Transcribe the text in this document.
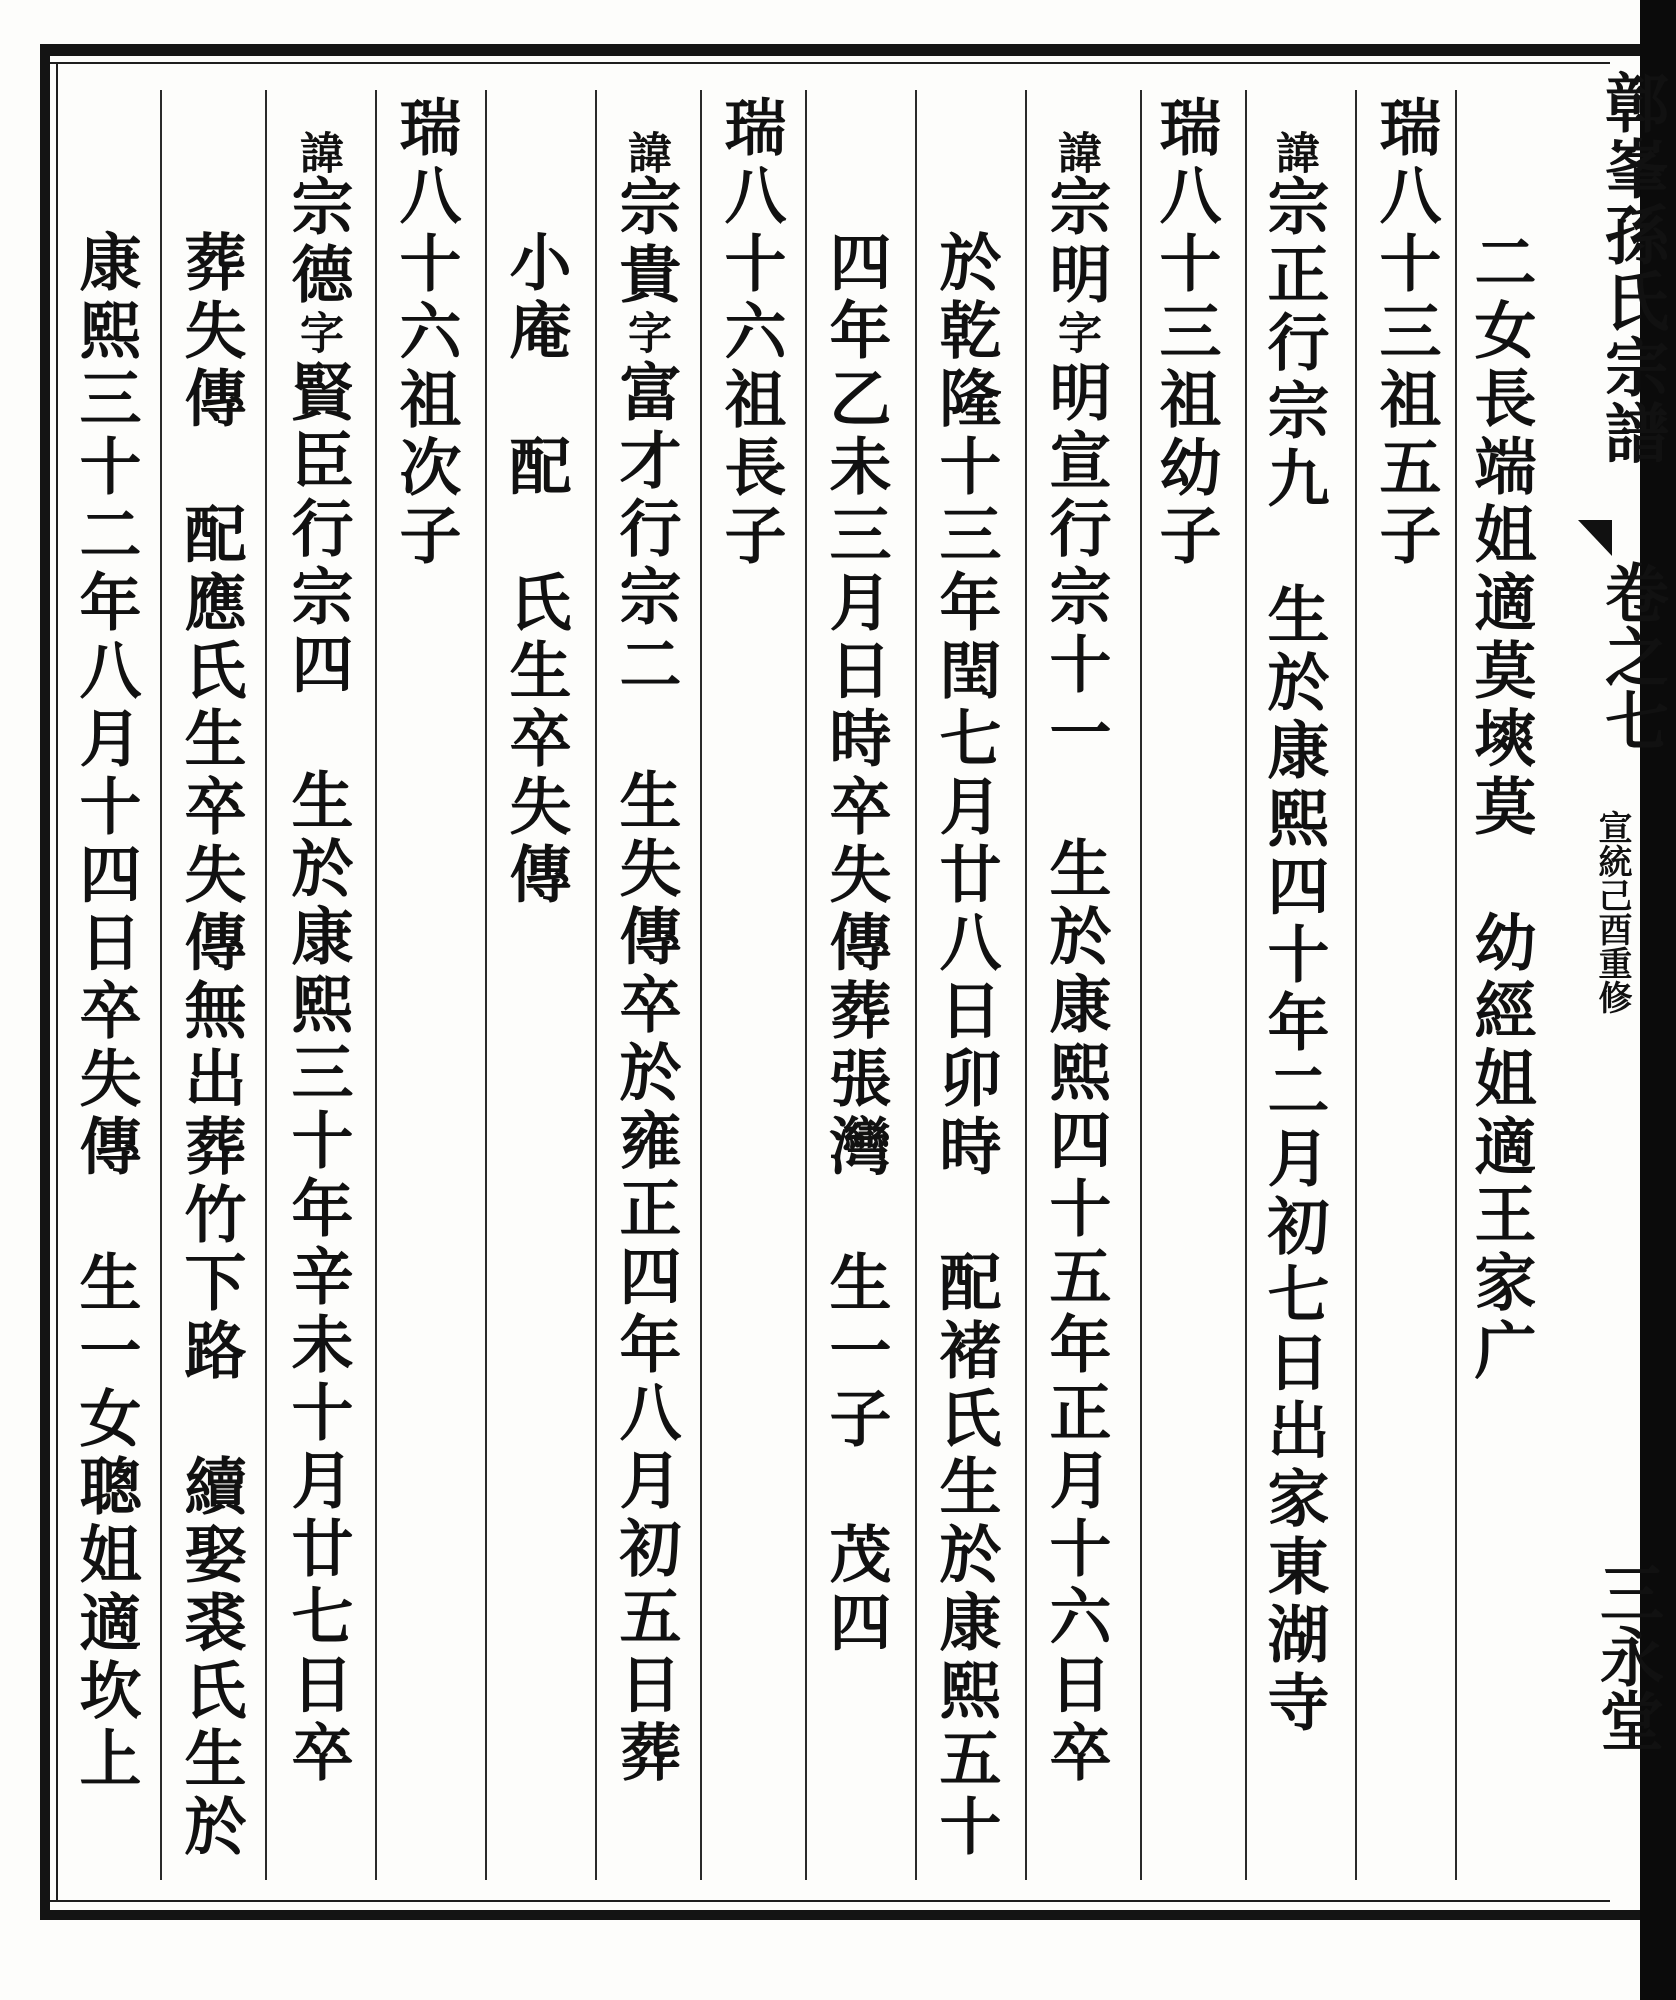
鄣峯孫氏宗譜
卷之七
宣統己酉重修
三永堂
二女長端姐適莫塽莫　幼經姐適王家广
瑞八十三祖五子
諱宗正行宗九　生於康熙四十年二月初七日出家東湖寺
瑞八十三祖幼子
諱宗明字明宣行宗十一　生於康熙四十五年正月十六日卒
於乾隆十三年閏七月廿八日卯時　配褚氏生於康熙五十
四年乙未三月日時卒失傳葬張灣　生一子　茂四
瑞八十六祖長子
諱宗貴字富才行宗二　生失傳卒於雍正四年八月初五日葬
小庵　配　氏生卒失傳
瑞八十六祖次子
諱宗德字賢臣行宗四　生於康熙三十年辛未十月廿七日卒
葬失傳　配應氏生卒失傳無出葬竹下路　續娶裘氏生於
康熙三十二年八月十四日卒失傳　生一女聰姐適坎上
